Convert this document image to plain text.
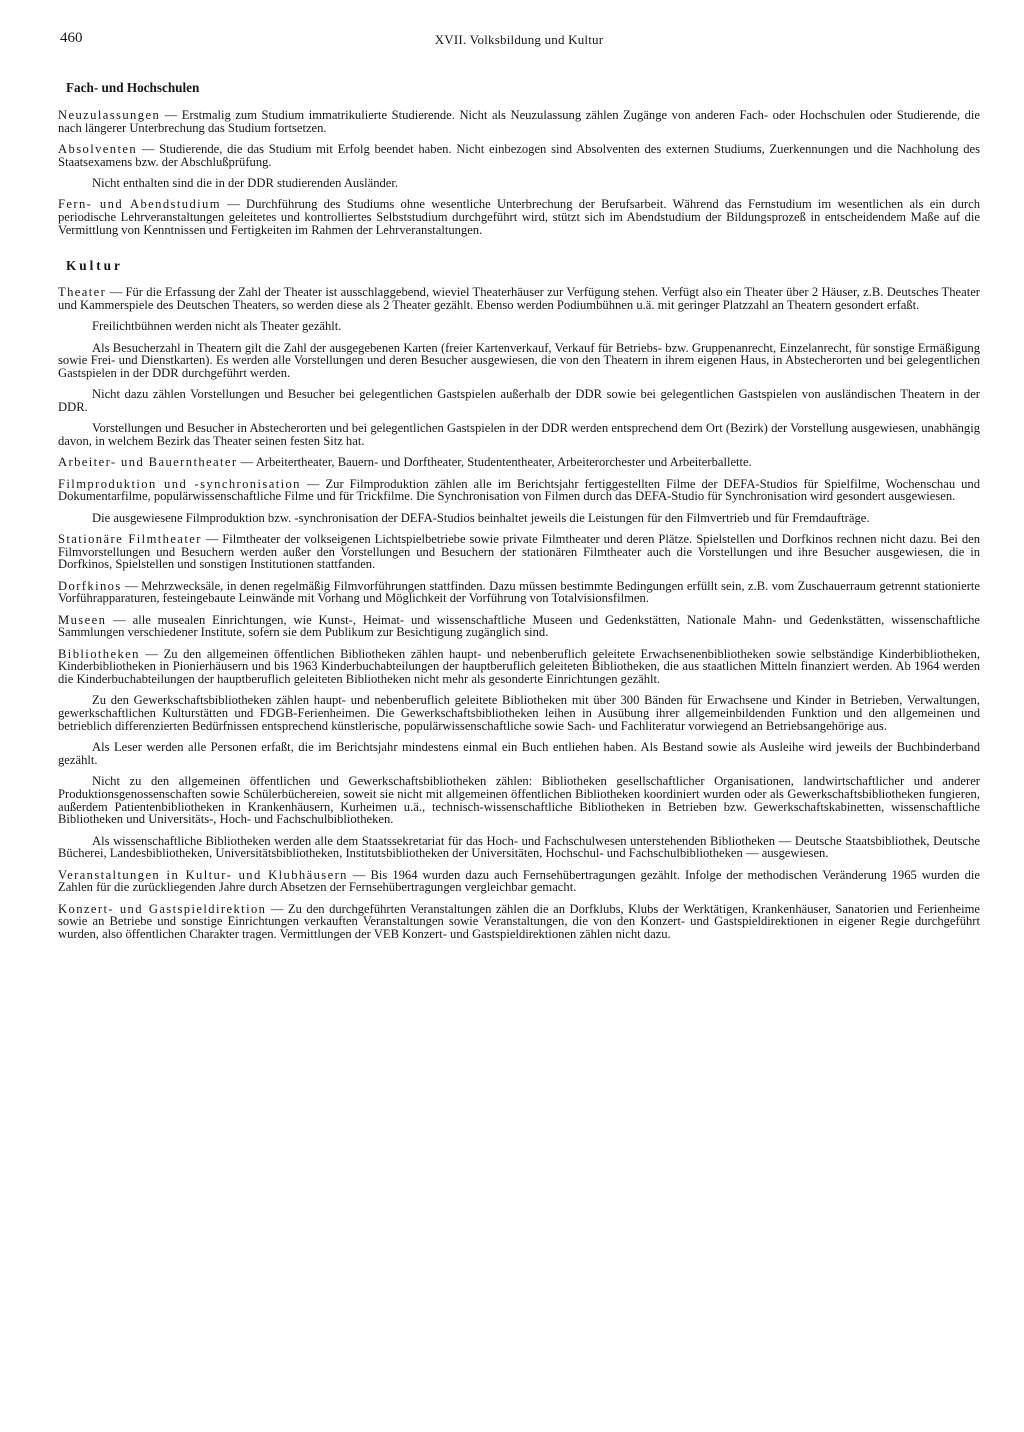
460	XVII. Volksbildung und Kultur
Fach- und Hochschulen

Neuzulassungen — Erstmalig zum Studium immatrikulierte Studierende. Nicht als Neuzulassung zählen Zugänge von anderen Fach- oder Hochschulen oder Studierende, die nach längerer Unterbrechung das Studium fortsetzen.

Absolventen — Studierende, die das Studium mit Erfolg beendet haben. Nicht einbezogen sind Absolventen des externen Studiums, Zuerkennungen und die Nachholung des Staatsexamens bzw. der Abschlußprüfung.

Nicht enthalten sind die in der DDR studierenden Ausländer.

Fern- und Abendstudium — Durchführung des Studiums ohne wesentliche Unterbrechung der Berufsarbeit. Während das Fernstudium im wesentlichen als ein durch periodische Lehrveranstaltungen geleitetes und kontrolliertes Selbststudium durchgeführt wird, stützt sich im Abendstudium der Bildungsprozeß in entscheidendem Maße auf die Vermittlung von Kenntnissen und Fertigkeiten im Rahmen der Lehrveranstaltungen.

Kultur

Theater — Für die Erfassung der Zahl der Theater ist ausschlaggebend, wieviel Theaterhäuser zur Verfügung stehen. Verfügt also ein Theater über 2 Häuser, z.B. Deutsches Theater und Kammerspiele des Deutschen Theaters, so werden diese als 2 Theater gezählt. Ebenso werden Podiumbühnen u.ä. mit geringer Platzzahl an Theatern gesondert erfaßt.

Freilichtbühnen werden nicht als Theater gezählt.

Als Besucherzahl in Theatern gilt die Zahl der ausgegebenen Karten (freier Kartenverkauf, Verkauf für Betriebs- bzw. Gruppenanrecht, Einzelanrecht, für sonstige Ermäßigung sowie Frei- und Dienstkarten). Es werden alle Vorstellungen und deren Besucher ausgewiesen, die von den Theatern in ihrem eigenen Haus, in Abstecherorten und bei gelegentlichen Gastspielen in der DDR durchgeführt werden.

Nicht dazu zählen Vorstellungen und Besucher bei gelegentlichen Gastspielen außerhalb der DDR sowie bei gelegentlichen Gastspielen von ausländischen Theatern in der DDR.

Vorstellungen und Besucher in Abstecherorten und bei gelegentlichen Gastspielen in der DDR werden entsprechend dem Ort (Bezirk) der Vorstellung ausgewiesen, unabhängig davon, in welchem Bezirk das Theater seinen festen Sitz hat.

Arbeiter- und Bauerntheater — Arbeitertheater, Bauern- und Dorftheater, Studententheater, Arbeiterorchester und Arbeiterballette.

Filmproduktion und -synchronisation — Zur Filmproduktion zählen alle im Berichtsjahr fertiggestellten Filme der DEFA-Studios für Spielfilme, Wochenschau und Dokumentarfilme, populärwissenschaftliche Filme und für Trickfilme. Die Synchronisation von Filmen durch das DEFA-Studio für Synchronisation wird gesondert ausgewiesen.

Die ausgewiesene Filmproduktion bzw. -synchronisation der DEFA-Studios beinhaltet jeweils die Leistungen für den Filmvertrieb und für Fremdaufträge.

Stationäre Filmtheater — Filmtheater der volkseigenen Lichtspielbetriebe sowie private Filmtheater und deren Plätze. Spielstellen und Dorfkinos rechnen nicht dazu. Bei den Filmvorstellungen und Besuchern werden außer den Vorstellungen und Besuchern der stationären Filmtheater auch die Vorstellungen und ihre Besucher ausgewiesen, die in Dorfkinos, Spielstellen und sonstigen Institutionen stattfanden.

Dorfkinos — Mehrzwecksäle, in denen regelmäßig Filmvorführungen stattfinden. Dazu müssen bestimmte Bedingungen erfüllt sein, z.B. vom Zuschauerraum getrennt stationierte Vorführapparaturen, festeingebaute Leinwände mit Vorhang und Möglichkeit der Vorführung von Totalvisionsfilmen.

Museen — alle musealen Einrichtungen, wie Kunst-, Heimat- und wissenschaftliche Museen und Gedenkstätten, Nationale Mahn- und Gedenkstätten, wissenschaftliche Sammlungen verschiedener Institute, sofern sie dem Publikum zur Besichtigung zugänglich sind.

Bibliotheken — Zu den allgemeinen öffentlichen Bibliotheken zählen haupt- und nebenberuflich geleitete Erwachsenenbibliotheken sowie selbständige Kinderbibliotheken, Kinderbibliotheken in Pionierhäusern und bis 1963 Kinderbuchabteilungen der hauptberuflich geleiteten Bibliotheken, die aus staatlichen Mitteln finanziert werden. Ab 1964 werden die Kinderbuchabteilungen der hauptberuflich geleiteten Bibliotheken nicht mehr als gesonderte Einrichtungen gezählt.

Zu den Gewerkschaftsbibliotheken zählen haupt- und nebenberuflich geleitete Bibliotheken mit über 300 Bänden für Erwachsene und Kinder in Betrieben, Verwaltungen, gewerkschaftlichen Kulturstätten und FDGB-Ferienheimen. Die Gewerkschaftsbibliotheken leihen in Ausübung ihrer allgemeinbildenden Funktion und den allgemeinen und betrieblich differenzierten Bedürfnissen entsprechend künstlerische, populärwissenschaftliche sowie Sach- und Fachliteratur vorwiegend an Betriebsangehörige aus.

Als Leser werden alle Personen erfaßt, die im Berichtsjahr mindestens einmal ein Buch entliehen haben. Als Bestand sowie als Ausleihe wird jeweils der Buchbinderband gezählt.

Nicht zu den allgemeinen öffentlichen und Gewerkschaftsbibliotheken zählen: Bibliotheken gesellschaftlicher Organisationen, landwirtschaftlicher und anderer Produktionsgenossenschaften sowie Schülerbüchereien, soweit sie nicht mit allgemeinen öffentlichen Bibliotheken koordiniert wurden oder als Gewerkschaftsbibliotheken fungieren, außerdem Patientenbibliotheken in Krankenhäusern, Kurheimen u.ä., technisch-wissenschaftliche Bibliotheken in Betrieben bzw. Gewerkschaftskabinetten, wissenschaftliche Bibliotheken und Universitäts-, Hoch- und Fachschulbibliotheken.

Als wissenschaftliche Bibliotheken werden alle dem Staatssekretariat für das Hoch- und Fachschulwesen unterstehenden Bibliotheken — Deutsche Staatsbibliothek, Deutsche Bücherei, Landesbibliotheken, Universitätsbibliotheken, Institutsbibliotheken der Universitäten, Hochschul- und Fachschulbibliotheken — ausgewiesen.

Veranstaltungen in Kultur- und Klubhäusern — Bis 1964 wurden dazu auch Fernsehübertragungen gezählt. Infolge der methodischen Veränderung 1965 wurden die Zahlen für die zurückliegenden Jahre durch Absetzen der Fernsehübertragungen vergleichbar gemacht.

Konzert- und Gastspieldirektion — Zu den durchgeführten Veranstaltungen zählen die an Dorfklubs, Klubs der Werktätigen, Krankenhäuser, Sanatorien und Ferienheime sowie an Betriebe und sonstige Einrichtungen verkauften Veranstaltungen sowie Veranstaltungen, die von den Konzert- und Gastspieldirektionen in eigener Regie durchgeführt wurden, also öffentlichen Charakter tragen. Vermittlungen der VEB Konzert- und Gastspieldirektionen zählen nicht dazu.
